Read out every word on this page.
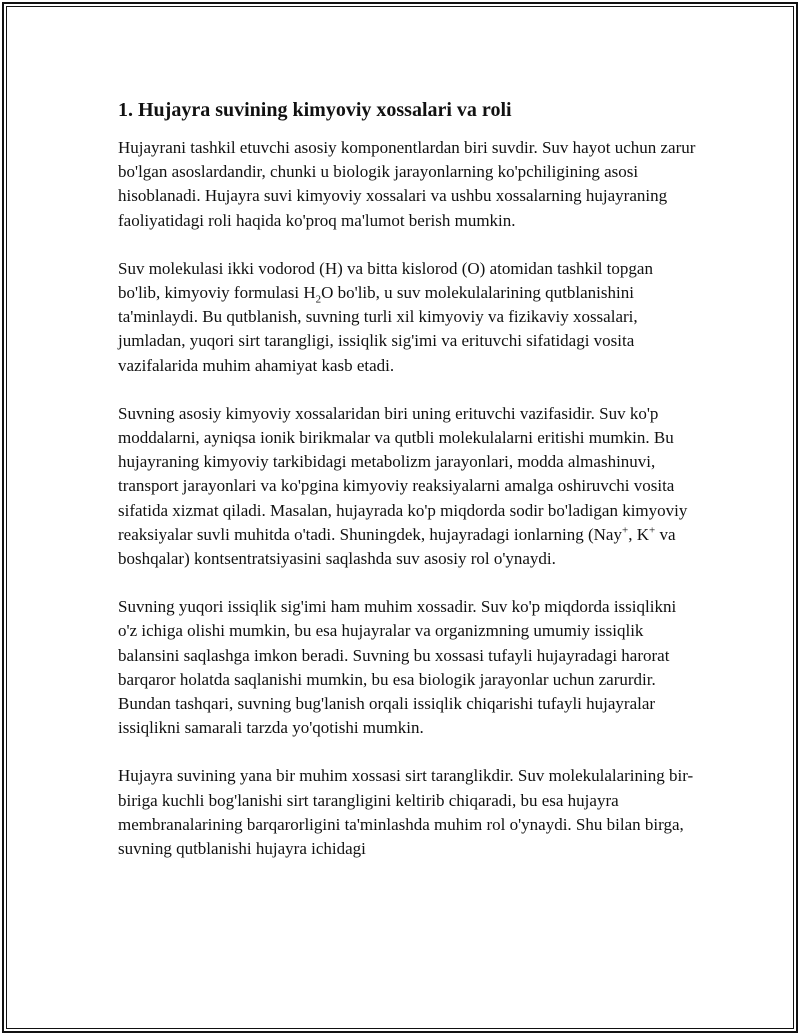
1. Hujayra suvining kimyoviy xossalari va roli

Hujayrani tashkil etuvchi asosiy komponentlardan biri suvdir. Suv hayot uchun zarur bo'lgan asoslardandir, chunki u biologik jarayonlarning ko'pchiligining asosi hisoblanadi. Hujayra suvi kimyoviy xossalari va ushbu xossalarning hujayraning faoliyatidagi roli haqida ko'proq ma'lumot berish mumkin.

Suv molekulasi ikki vodorod (H) va bitta kislorod (O) atomidan tashkil topgan bo'lib, kimyoviy formulasi $H_2O$ bo'lib, u suv molekulalarining qutblanishini ta'minlaydi. Bu qutblanish, suvning turli xil kimyoviy va fizikaviy xossalari, jumladan, yuqori sirt tarangligi, issiqlik sig'imi va erituvchi sifatidagi vosita vazifalarida muhim ahamiyat kasb etadi.

Suvning asosiy kimyoviy xossalaridan biri uning erituvchi vazifasidir. Suv ko'p moddalarni, ayniqsa ionik birikmalar va qutbli molekulalarni eritishi mumkin. Bu hujayraning kimyoviy tarkibidagi metabolizm jarayonlari, modda almashinuvi, transport jarayonlari va ko'pgina kimyoviy reaksiyalarni amalga oshiruvchi vosita sifatida xizmat qiladi. Masalan, hujayrada ko'p miqdorda sodir bo'ladigan kimyoviy reaksiyalar suvli muhitda o'tadi. Shuningdek, hujayradagi ionlarning (Nay+, K+ va boshqalar) kontsentratsiyasini saqlashda suv asosiy rol o'ynaydi.

Suvning yuqori issiqlik sig'imi ham muhim xossadir. Suv ko'p miqdorda issiqlikni o'z ichiga olishi mumkin, bu esa hujayralar va organizmning umumiy issiqlik balansini saqlashga imkon beradi. Suvning bu xossasi tufayli hujayradagi harorat barqaror holatda saqlanishi mumkin, bu esa biologik jarayonlar uchun zarurdir. Bundan tashqari, suvning bug'lanish orqali issiqlik chiqarishi tufayli hujayralar issiqlikni samarali tarzda yo'qotishi mumkin.

Hujayra suvining yana bir muhim xossasi sirt taranglikdir. Suv molekulalarining bir-biriga kuchli bog'lanishi sirt tarangligini keltirib chiqaradi, bu esa hujayra membranalarining barqarorligini ta'minlashda muhim rol o'ynaydi. Shu bilan birga, suvning qutblanishi hujayra ichidagi
